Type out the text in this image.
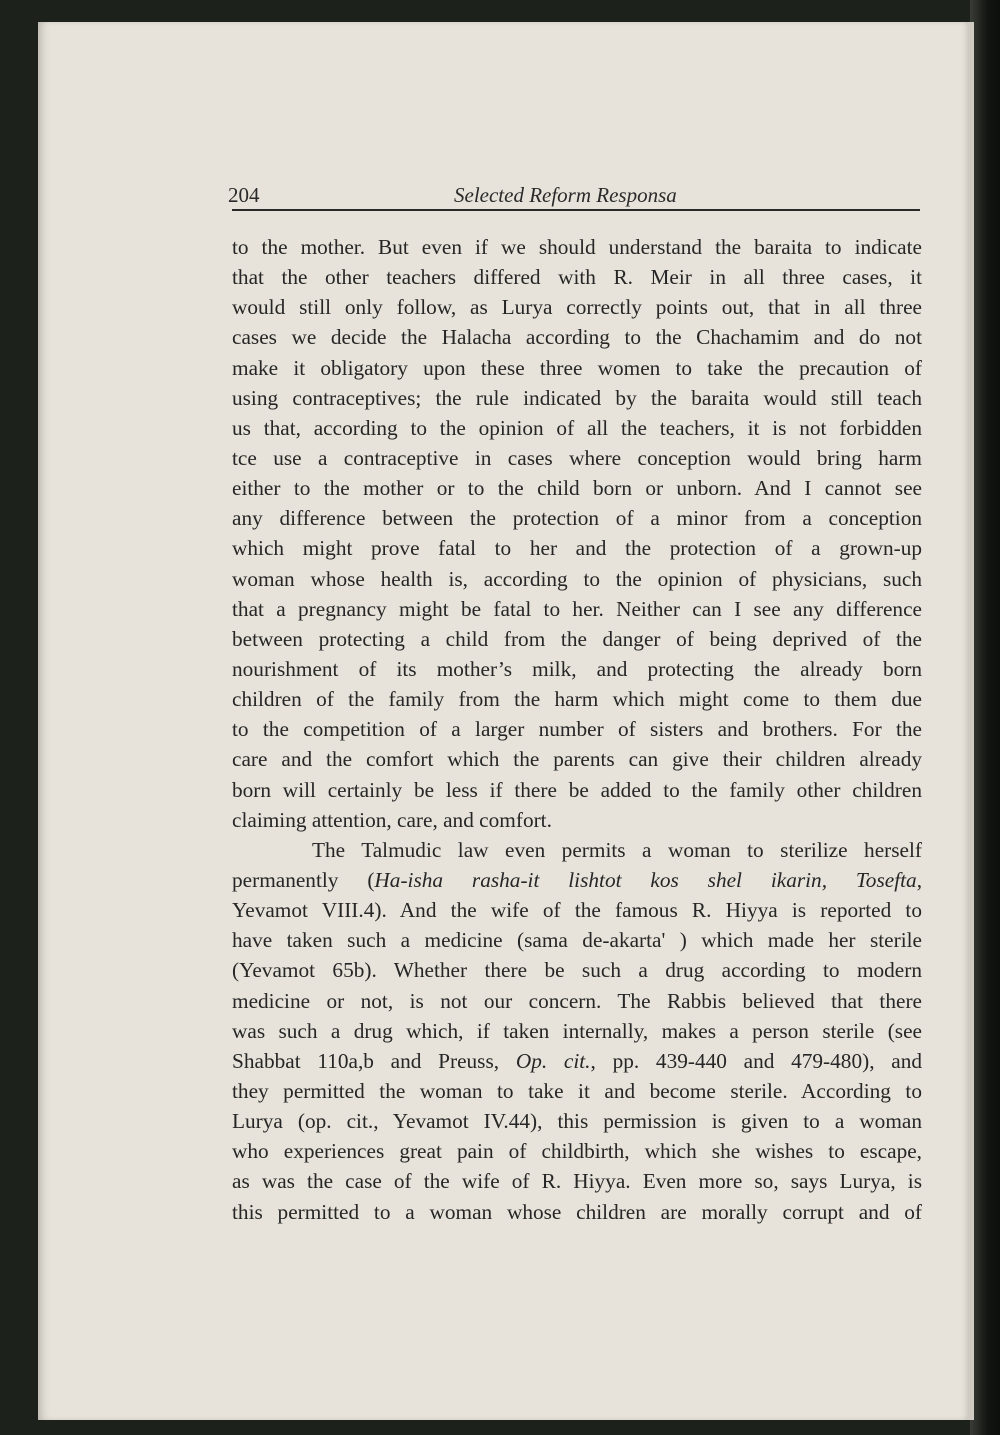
204	Selected Reform Responsa
to the mother. But even if we should understand the baraita to indicate
that the other teachers differed with R. Meir in all three cases, it
would still only follow, as Lurya correctly points out, that in all three
cases we decide the Halacha according to the Chachamim and do not
make it obligatory upon these three women to take the precaution of
using contraceptives; the rule indicated by the baraita would still teach
us that, according to the opinion of all the teachers, it is not forbidden
tce use a contraceptive in cases where conception would bring harm
either to the mother or to the child born or unborn. And I cannot see
any difference between the protection of a minor from a conception
which might prove fatal to her and the protection of a grown-up
woman whose health is, according to the opinion of physicians, such
that a pregnancy might be fatal to her. Neither can I see any difference
between protecting a child from the danger of being deprived of the
nourishment of its mother’s milk, and protecting the already born
children of the family from the harm which might come to them due
to the competition of a larger number of sisters and brothers. For the
care and the comfort which the parents can give their children already
born will certainly be less if there be added to the family other children
claiming attention, care, and comfort.
The Talmudic law even permits a woman to sterilize herself
permanently (Ha-isha rasha-it lishtot kos shel ikarin, Tosefta,
Yevamot VIII.4). And the wife of the famous R. Hiyya is reported to
have taken such a medicine (sama de-akarta' ) which made her sterile
(Yevamot 65b). Whether there be such a drug according to modern
medicine or not, is not our concern. The Rabbis believed that there
was such a drug which, if taken internally, makes a person sterile (see
Shabbat 110a,b and Preuss, Op. cit., pp. 439-440 and 479-480), and
they permitted the woman to take it and become sterile. According to
Lurya (op. cit., Yevamot IV.44), this permission is given to a woman
who experiences great pain of childbirth, which she wishes to escape,
as was the case of the wife of R. Hiyya. Even more so, says Lurya, is
this permitted to a woman whose children are morally corrupt and of
